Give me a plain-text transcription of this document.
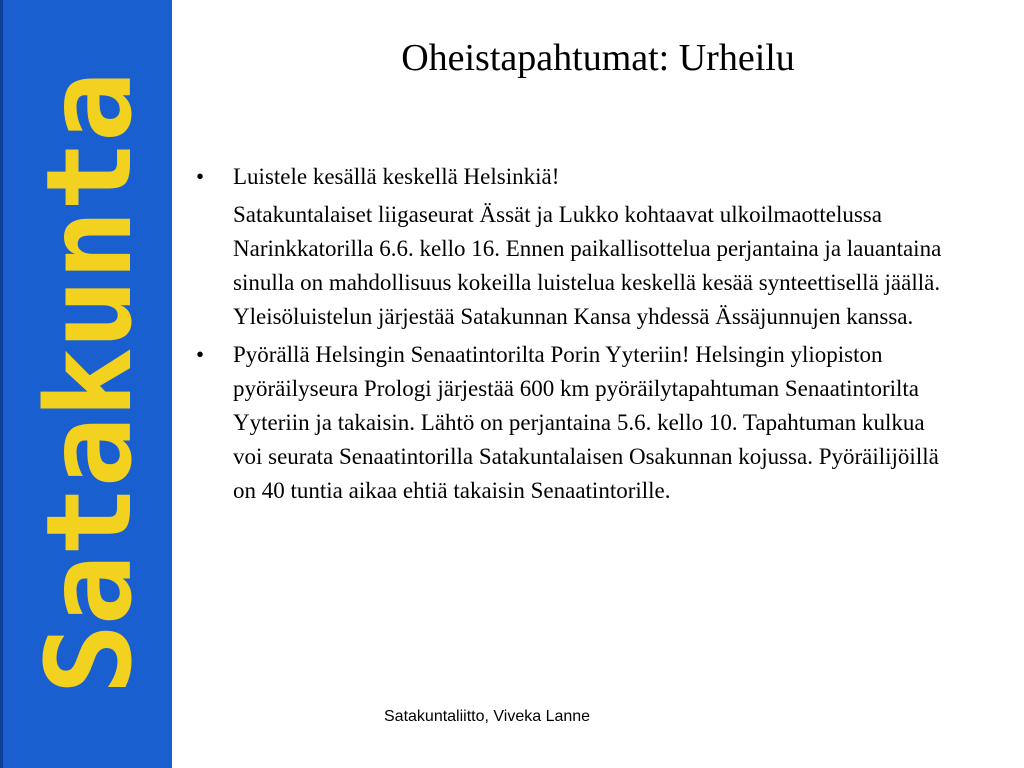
Satakunta
Oheistapahtumat: Urheilu
• Luistele kesällä keskellä Helsinkiä!
Satakuntalaiset liigaseurat Ässät ja Lukko kohtaavat ulkoilmaottelussa Narinkkatorilla 6.6. kello 16. Ennen paikallisottelua perjantaina ja lauantaina sinulla on mahdollisuus kokeilla luistelua keskellä kesää synteettisellä jäällä. Yleisöluistelun järjestää Satakunnan Kansa yhdessä Ässäjunnujen kanssa.
• Pyörällä Helsingin Senaatintorilta Porin Yyteriin! Helsingin yliopiston pyöräilyseura Prologi järjestää 600 km pyöräilytapahtuman Senaatintorilta Yyteriin ja takaisin. Lähtö on perjantaina 5.6. kello 10. Tapahtuman kulkua voi seurata Senaatintorilla Satakuntalaisen Osakunnan kojussa. Pyöräilijöillä on 40 tuntia aikaa ehtiä takaisin Senaatintorille.
Satakuntaliitto, Viveka Lanne
